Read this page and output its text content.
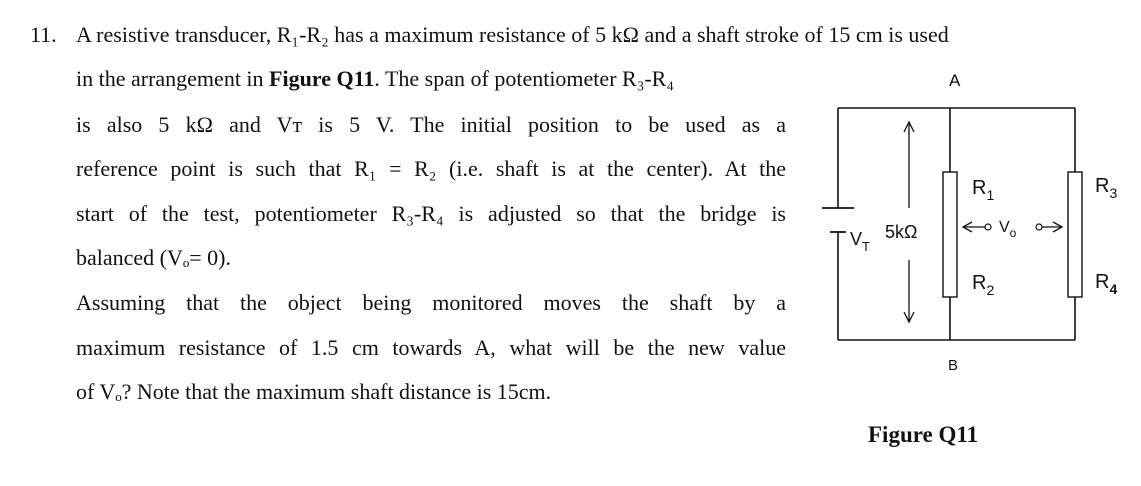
11. A resistive transducer, R₁-R₂ has a maximum resistance of 5 kΩ and a shaft stroke of 15 cm is used
in the arrangement in Figure Q11. The span of potentiometer R₃-R₄
is also 5 kΩ and Vᴛ is 5 V. The initial position to be used as a
reference point is such that R₁ = R₂ (i.e. shaft is at the center). At the
start of the test, potentiometer R₃-R₄ is adjusted so that the bridge is
balanced (Vₒ= 0).
Assuming that the object being monitored moves the shaft by a
maximum resistance of 1.5 cm towards A, what will be the new value
of Vₒ? Note that the maximum shaft distance is 15cm.
$V_T$
5kΩ	$V_o$
$R_1$
$R_2$
$R_3$
$R_4$
A
B
Figure Q11
